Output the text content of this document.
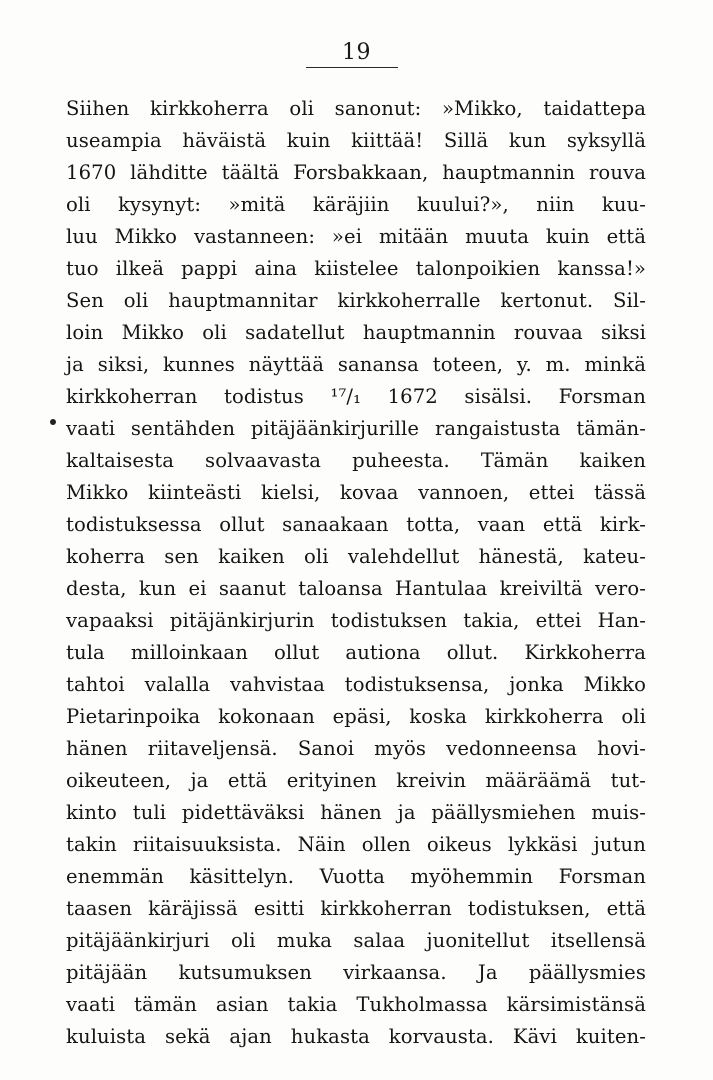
19
Siihen kirkkoherra oli sanonut: »Mikko, taidattepa
useampia häväistä kuin kiittää! Sillä kun syksyllä
1670 lähditte täältä Forsbakkaan, hauptmannin rouva
oli kysynyt: »mitä käräjiin kuului?», niin kuu-
luu Mikko vastanneen: »ei mitään muuta kuin että
tuo ilkeä pappi aina kiistelee talonpoikien kanssa!»
Sen oli hauptmannitar kirkkoherralle kertonut. Sil-
loin Mikko oli sadatellut hauptmannin rouvaa siksi
ja siksi, kunnes näyttää sanansa toteen, y. m. minkä
kirkkoherran todistus ¹⁷/₁ 1672 sisälsi. Forsman
vaati sentähden pitäjäänkirjurille rangaistusta tämän-
kaltaisesta solvaavasta puheesta. Tämän kaiken
Mikko kiinteästi kielsi, kovaa vannoen, ettei tässä
todistuksessa ollut sanaakaan totta, vaan että kirk-
koherra sen kaiken oli valehdellut hänestä, kateu-
desta, kun ei saanut taloansa Hantulaa kreiviltä vero-
vapaaksi pitäjänkirjurin todistuksen takia, ettei Han-
tula milloinkaan ollut autiona ollut. Kirkkoherra
tahtoi valalla vahvistaa todistuksensa, jonka Mikko
Pietarinpoika kokonaan epäsi, koska kirkkoherra oli
hänen riitaveljensä. Sanoi myös vedonneensa hovi-
oikeuteen, ja että erityinen kreivin määräämä tut-
kinto tuli pidettäväksi hänen ja päällysmiehen muis-
takin riitaisuuksista. Näin ollen oikeus lykkäsi jutun
enemmän käsittelyn. Vuotta myöhemmin Forsman
taasen käräjissä esitti kirkkoherran todistuksen, että
pitäjäänkirjuri oli muka salaa juonitellut itsellensä
pitäjään kutsumuksen virkaansa. Ja päällysmies
vaati tämän asian takia Tukholmassa kärsimistänsä
kuluista sekä ajan hukasta korvausta. Kävi kuiten-
